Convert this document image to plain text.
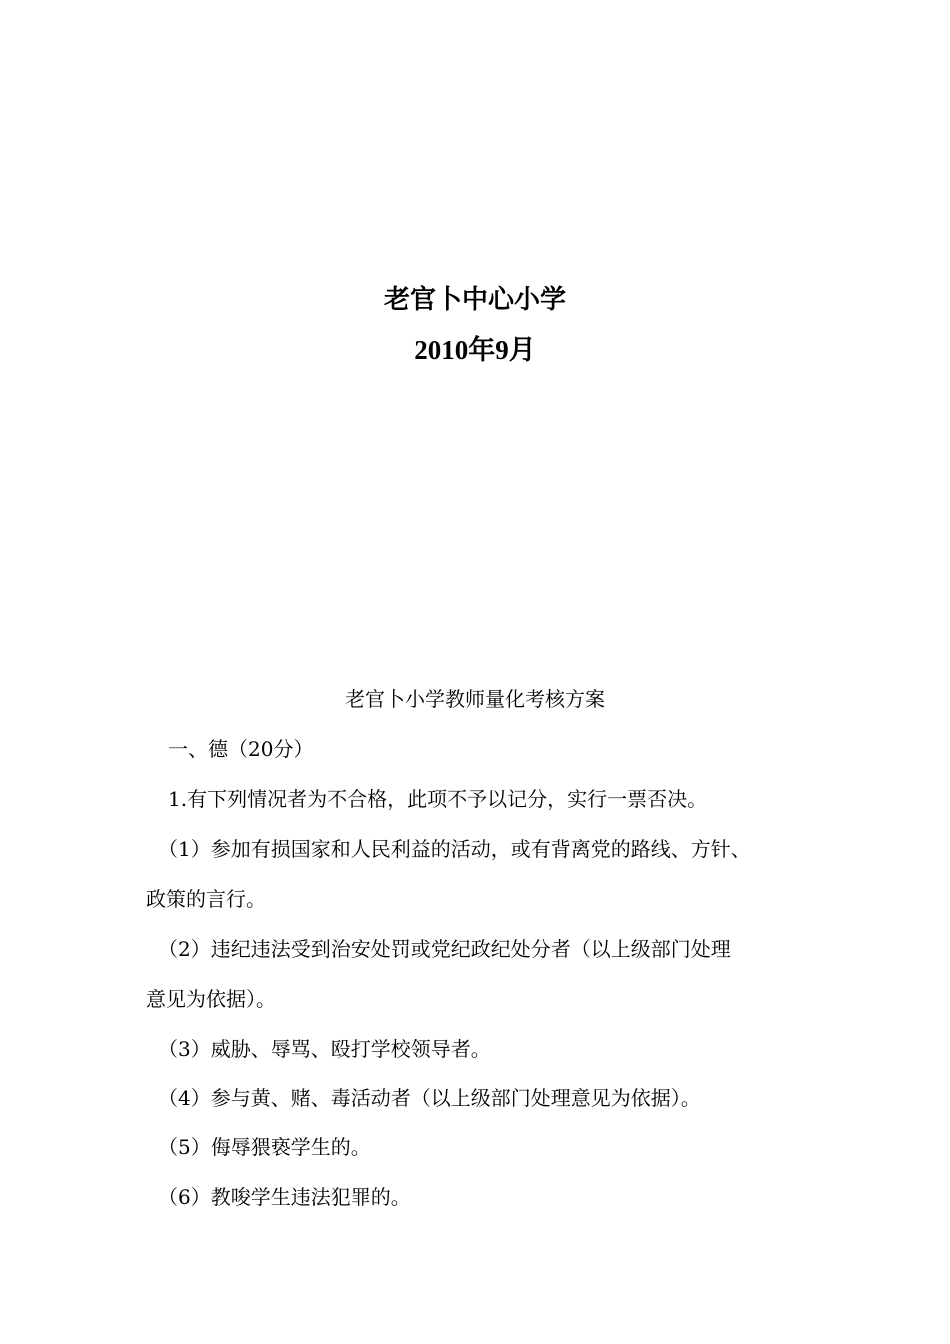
老官卜中心小学
2010年9月
老官卜小学教师量化考核方案
一、德（20分）
1.有下列情况者为不合格，此项不予以记分，实行一票否决。
（1）参加有损国家和人民利益的活动，或有背离党的路线、方针、
政策的言行。
（2）违纪违法受到治安处罚或党纪政纪处分者（以上级部门处理
意见为依据）。
（3）威胁、辱骂、殴打学校领导者。
（4）参与黄、赌、毒活动者（以上级部门处理意见为依据）。
（5）侮辱猥亵学生的。
（6）教唆学生违法犯罪的。
